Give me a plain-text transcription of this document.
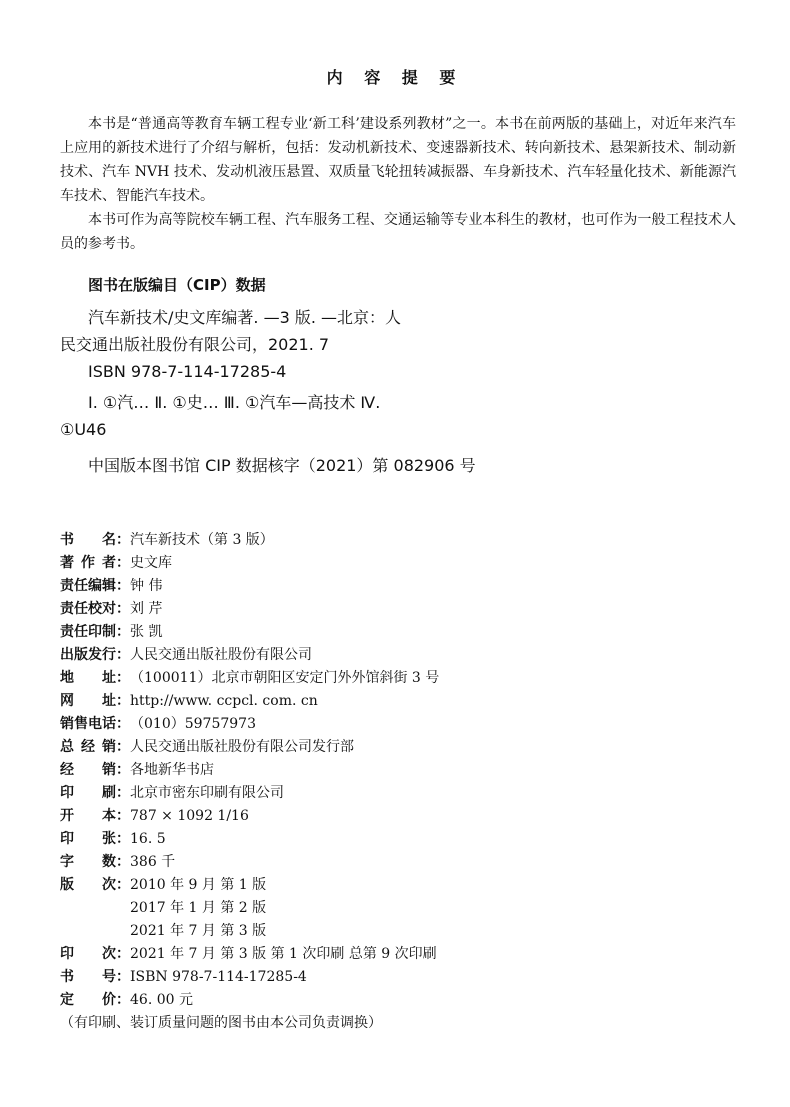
内 容 提 要

本书是“普通高等教育车辆工程专业‘新工科’建设系列教材”之一。本书在前两版的基础上，对近年来汽车上应用的新技术进行了介绍与解析，包括：发动机新技术、变速器新技术、转向新技术、悬架新技术、制动新技术、汽车 NVH 技术、发动机液压悬置、双质量飞轮扭转减振器、车身新技术、汽车轻量化技术、新能源汽车技术、智能汽车技术。

本书可作为高等院校车辆工程、汽车服务工程、交通运输等专业本科生的教材，也可作为一般工程技术人员的参考书。

图书在版编目（CIP）数据
汽车新技术/史文库编著. —3 版. —北京：人
民交通出版社股份有限公司，2021. 7
ISBN 978-7-114-17285-4
Ⅰ. ①汽… Ⅱ. ①史… Ⅲ. ①汽车—高技术 Ⅳ.
①U46
中国版本图书馆 CIP 数据核字（2021）第 082906 号
书 名 ： 汽车新技术（第 3 版）
著 作 者 ： 史文库
责 任 编 辑 ： 钟 伟
责 任 校 对 ： 刘 芹
责 任 印 制 ： 张 凯
出 版 发 行 ： 人民交通出版社股份有限公司
地 址 ： （100011）北京市朝阳区安定门外外馆斜街 3 号
网 址 ： http://www. ccpcl. com. cn
销 售 电 话 ： （010）59757973
总 经 销 ： 人民交通出版社股份有限公司发行部
经 销 ： 各地新华书店
印 刷 ： 北京市密东印刷有限公司
开 本 ： 787 × 1092 1/16
印 张 ： 16. 5
字 数 ： 386 千
版 次 ： 2010 年 9 月 第 1 版
2017 年 1 月 第 2 版
2021 年 7 月 第 3 版
印 次 ： 2021 年 7 月 第 3 版 第 1 次印刷 总第 9 次印刷
书 号 ： ISBN 978-7-114-17285-4
定 价 ： 46. 00 元
（有印刷、装订质量问题的图书由本公司负责调换）
